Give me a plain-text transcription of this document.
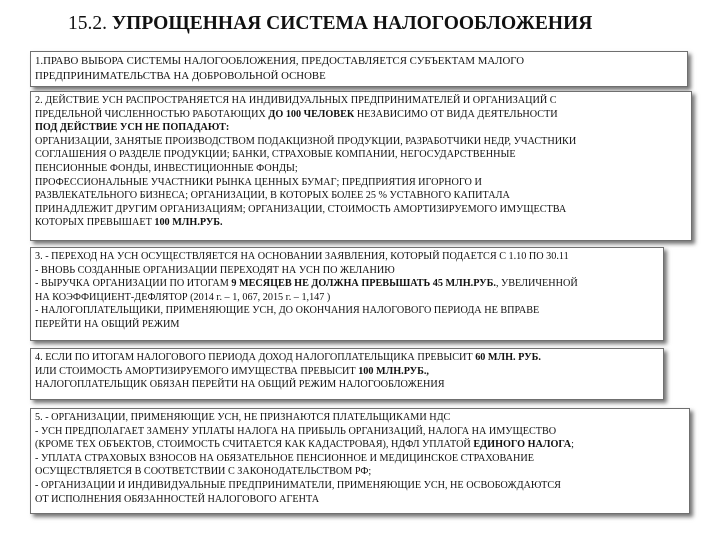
15.2. УПРОЩЕННАЯ СИСТЕМА НАЛОГООБЛОЖЕНИЯ

1.ПРАВО ВЫБОРА СИСТЕМЫ НАЛОГООБЛОЖЕНИЯ, ПРЕДОСТАВЛЯЕТСЯ СУБЪЕКТАМ МАЛОГО

ПРЕДПРИНИМАТЕЛЬСТВА НА ДОБРОВОЛЬНОЙ ОСНОВЕ

2. ДЕЙСТВИЕ УСН РАСПРОСТРАНЯЕТСЯ НА ИНДИВИДУАЛЬНЫХ ПРЕДПРИНИМАТЕЛЕЙ И ОРГАНИЗАЦИЙ С

ПРЕДЕЛЬНОЙ ЧИСЛЕННОСТЬЮ РАБОТАЮЩИХ ДО 100 ЧЕЛОВЕК НЕЗАВИСИМО ОТ ВИДА ДЕЯТЕЛЬНОСТИ

ПОД ДЕЙСТВИЕ УСН НЕ ПОПАДАЮТ:

ОРГАНИЗАЦИИ, ЗАНЯТЫЕ ПРОИЗВОДСТВОМ ПОДАКЦИЗНОЙ ПРОДУКЦИИ, РАЗРАБОТЧИКИ НЕДР, УЧАСТНИКИ

СОГЛАШЕНИЯ О РАЗДЕЛЕ ПРОДУКЦИИ; БАНКИ, СТРАХОВЫЕ КОМПАНИИ, НЕГОСУДАРСТВЕННЫЕ

ПЕНСИОННЫЕ ФОНДЫ, ИНВЕСТИЦИОННЫЕ ФОНДЫ;

ПРОФЕССИОНАЛЬНЫЕ УЧАСТНИКИ РЫНКА ЦЕННЫХ БУМАГ; ПРЕДПРИЯТИЯ ИГОРНОГО И

РАЗВЛЕКАТЕЛЬНОГО БИЗНЕСА; ОРГАНИЗАЦИИ, В КОТОРЫХ БОЛЕЕ 25 % УСТАВНОГО КАПИТАЛА

ПРИНАДЛЕЖИТ ДРУГИМ ОРГАНИЗАЦИЯМ; ОРГАНИЗАЦИИ, СТОИМОСТЬ АМОРТИЗИРУЕМОГО ИМУЩЕСТВА

КОТОРЫХ ПРЕВЫШАЕТ 100 МЛН.РУБ.

3. - ПЕРЕХОД НА УСН ОСУЩЕСТВЛЯЕТСЯ НА ОСНОВАНИИ ЗАЯВЛЕНИЯ, КОТОРЫЙ ПОДАЕТСЯ С 1.10 ПО 30.11

- ВНОВЬ СОЗДАННЫЕ ОРГАНИЗАЦИИ ПЕРЕХОДЯТ НА УСН ПО ЖЕЛАНИЮ

- ВЫРУЧКА ОРГАНИЗАЦИИ ПО ИТОГАМ 9 МЕСЯЦЕВ НЕ ДОЛЖНА ПРЕВЫШАТЬ 45 МЛН.РУБ., УВЕЛИЧЕННОЙ

НА КОЭФФИЦИЕНТ-ДЕФЛЯТОР (2014 г. – 1, 067, 2015 г. – 1,147 )

- НАЛОГОПЛАТЕЛЬЩИКИ, ПРИМЕНЯЮЩИЕ УСН, ДО ОКОНЧАНИЯ НАЛОГОВОГО ПЕРИОДА НЕ ВПРАВЕ

ПЕРЕЙТИ НА ОБЩИЙ РЕЖИМ

4. ЕСЛИ ПО ИТОГАМ НАЛОГОВОГО ПЕРИОДА ДОХОД НАЛОГОПЛАТЕЛЬЩИКА ПРЕВЫСИТ 60 МЛН. РУБ.

ИЛИ СТОИМОСТЬ АМОРТИЗИРУЕМОГО ИМУЩЕСТВА ПРЕВЫСИТ 100 МЛН.РУБ.,

НАЛОГОПЛАТЕЛЬЩИК ОБЯЗАН ПЕРЕЙТИ НА ОБЩИЙ РЕЖИМ НАЛОГООБЛОЖЕНИЯ

5. - ОРГАНИЗАЦИИ, ПРИМЕНЯЮЩИЕ УСН, НЕ ПРИЗНАЮТСЯ ПЛАТЕЛЬЩИКАМИ НДС

- УСН ПРЕДПОЛАГАЕТ ЗАМЕНУ УПЛАТЫ НАЛОГА НА ПРИБЫЛЬ ОРГАНИЗАЦИЙ, НАЛОГА НА ИМУЩЕСТВО

(КРОМЕ ТЕХ ОБЪЕКТОВ, СТОИМОСТЬ СЧИТАЕТСЯ КАК КАДАСТРОВАЯ), НДФЛ УПЛАТОЙ ЕДИНОГО НАЛОГА;

- УПЛАТА СТРАХОВЫХ ВЗНОСОВ НА ОБЯЗАТЕЛЬНОЕ ПЕНСИОННОЕ И МЕДИЦИНСКОЕ СТРАХОВАНИЕ

ОСУЩЕСТВЛЯЕТСЯ В СООТВЕТСТВИИ С ЗАКОНОДАТЕЛЬСТВОМ РФ;

- ОРГАНИЗАЦИИ И ИНДИВИДУАЛЬНЫЕ ПРЕДПРИНИМАТЕЛИ, ПРИМЕНЯЮЩИЕ УСН, НЕ ОСВОБОЖДАЮТСЯ

ОТ ИСПОЛНЕНИЯ ОБЯЗАННОСТЕЙ НАЛОГОВОГО АГЕНТА
